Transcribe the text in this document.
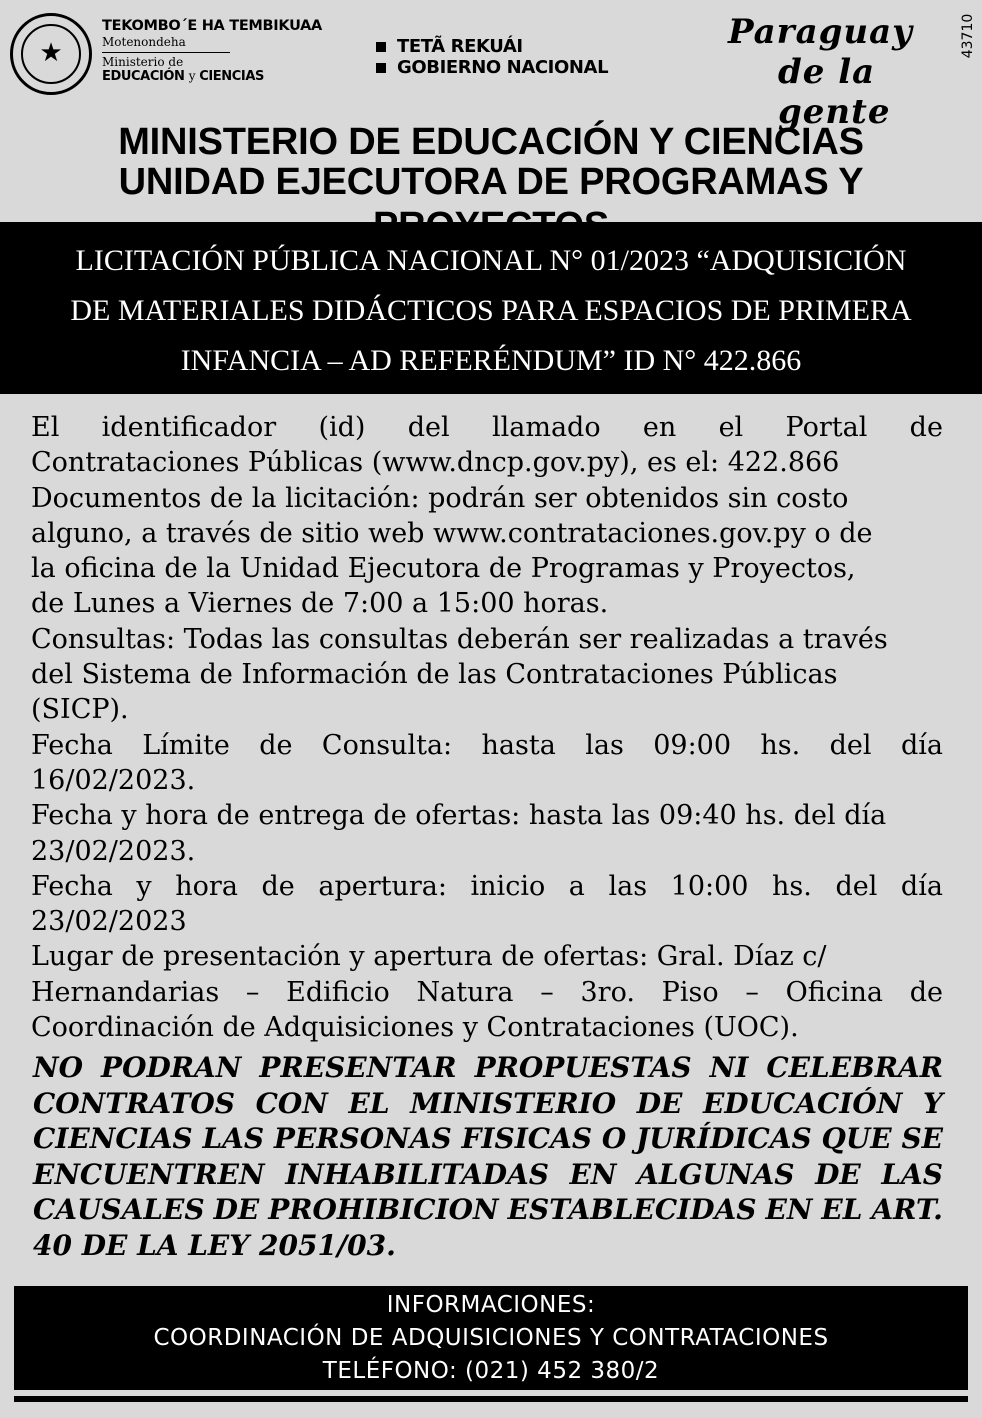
★
TEKOMBO´E HA TEMBIKUAA
Motenondeha
Ministerio de
EDUCACIÓN y CIENCIAS
TETÃ REKUÁI
GOBIERNO NACIONAL
Paraguay
de la gente
43710
MINISTERIO DE EDUCACIÓN Y CIENCIAS
UNIDAD EJECUTORA DE PROGRAMAS Y
LICITACIÓN PÚBLICA NACIONAL N° 01/2023 “ADQUISICIÓN
DE MATERIALES DIDÁCTICOS PARA ESPACIOS DE PRIMERA
INFANCIA – AD REFERÉNDUM” ID N° 422.866

El identificador (id) del llamado en el Portal de
Contrataciones Públicas (www.dncp.gov.py), es el: 422.866

Documentos de la licitación: podrán ser obtenidos sin costo
alguno, a través de sitio web www.contrataciones.gov.py o de
la oficina de la Unidad Ejecutora de Programas y Proyectos,
de Lunes a Viernes de 7:00 a 15:00 horas.

Consultas: Todas las consultas deberán ser realizadas a través
del Sistema de Información de las Contrataciones Públicas
(SICP).

Fecha Límite de Consulta: hasta las 09:00 hs. del día
16/02/2023.

Fecha y hora de entrega de ofertas: hasta las 09:40 hs. del día
23/02/2023.

Fecha y hora de apertura: inicio a las 10:00 hs. del día
23/02/2023

Lugar de presentación y apertura de ofertas: Gral. Díaz c/
Hernandarias – Edificio Natura – 3ro. Piso – Oficina de
Coordinación de Adquisiciones y Contrataciones (UOC).

NO PODRAN PRESENTAR PROPUESTAS NI CELEBRAR
CONTRATOS CON EL MINISTERIO DE EDUCACIÓN Y
CIENCIAS LAS PERSONAS FISICAS O JURÍDICAS QUE SE
ENCUENTREN INHABILITADAS EN ALGUNAS DE LAS
CAUSALES DE PROHIBICION ESTABLECIDAS EN EL ART.
40 DE LA LEY 2051/03.
INFORMACIONES:
COORDINACIÓN DE ADQUISICIONES Y CONTRATACIONES
TELÉFONO: (021) 452 380/2
